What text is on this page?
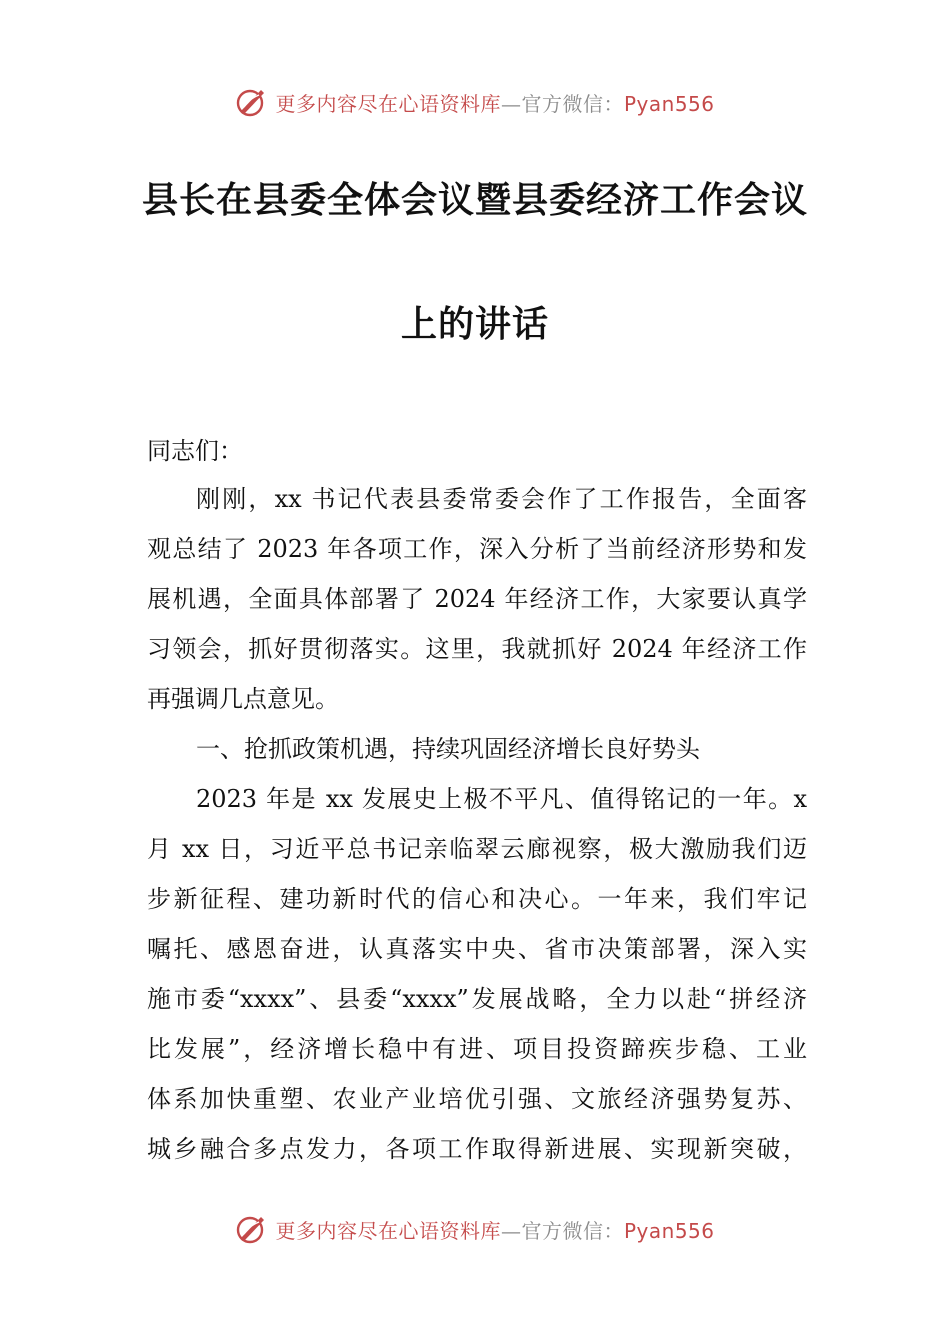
更多内容尽在心语资料库—官方微信：Pyan556
县长在县委全体会议暨县委经济工作会议
上的讲话
同志们：
刚刚，xx 书记代表县委常委会作了工作报告，全面客
观总结了 2023 年各项工作，深入分析了当前经济形势和发
展机遇，全面具体部署了 2024 年经济工作，大家要认真学
习领会，抓好贯彻落实。这里，我就抓好 2024 年经济工作
再强调几点意见。
一、抢抓政策机遇，持续巩固经济增长良好势头
2023 年是 xx 发展史上极不平凡、值得铭记的一年。x
月 xx 日，习近平总书记亲临翠云廊视察，极大激励我们迈
步新征程、建功新时代的信心和决心。一年来，我们牢记
嘱托、感恩奋进，认真落实中央、省市决策部署，深入实
施市委“xxxx”、县委“xxxx”发展战略，全力以赴“拼经济
比发展”，经济增长稳中有进、项目投资蹄疾步稳、工业
体系加快重塑、农业产业培优引强、文旅经济强势复苏、
城乡融合多点发力，各项工作取得新进展、实现新突破，
更多内容尽在心语资料库—官方微信：Pyan556
